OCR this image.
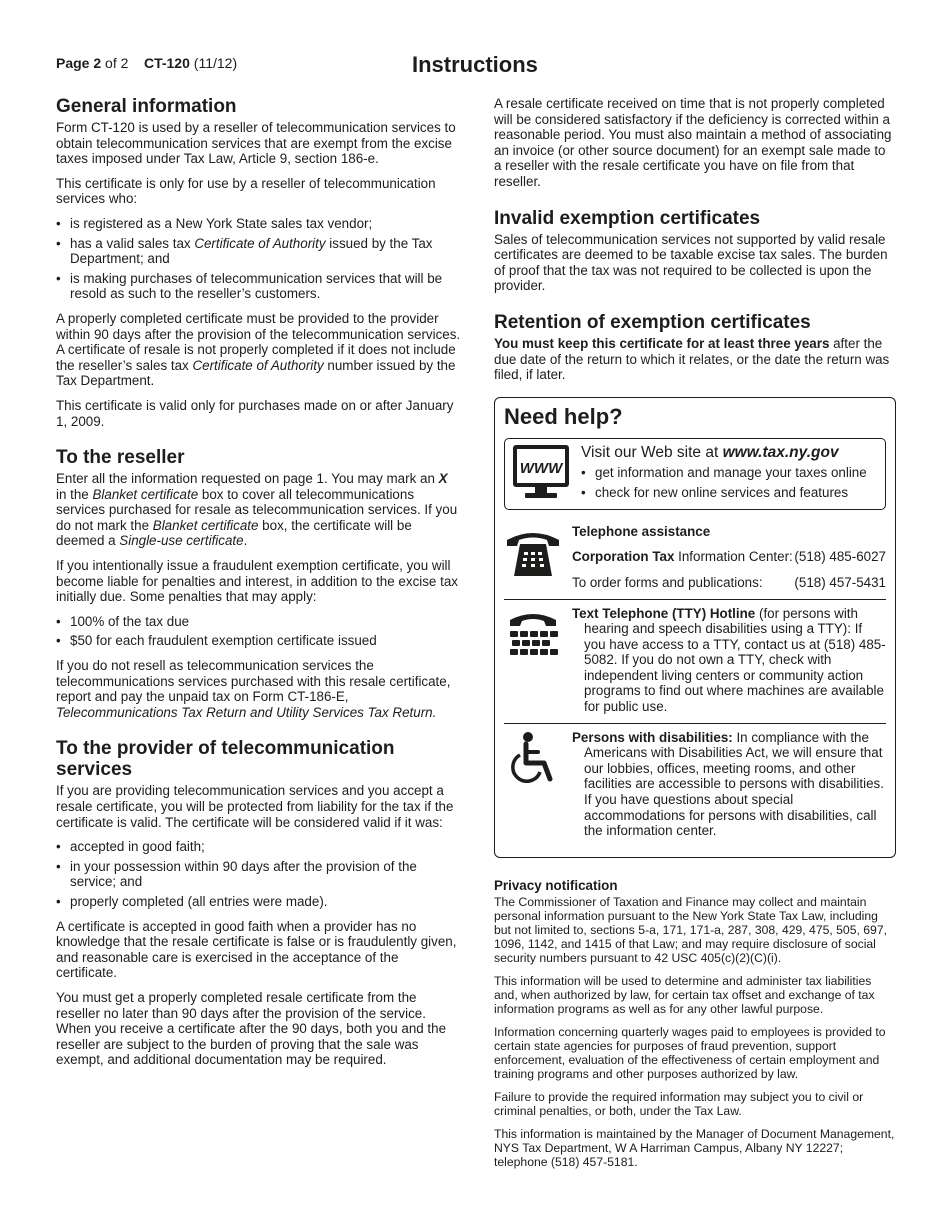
Page 2 of 2 CT-120 (11/12)	Instructions
General information

Form CT-120 is used by a reseller of telecommunication services to obtain telecommunication services that are exempt from the excise taxes imposed under Tax Law, Article 9, section 186-e.

This certificate is only for use by a reseller of telecommunication services who:

• is registered as a New York State sales tax vendor;
• has a valid sales tax Certificate of Authority issued by the Tax Department; and
• is making purchases of telecommunication services that will be resold as such to the reseller’s customers.

A properly completed certificate must be provided to the provider within 90 days after the provision of the telecommunication services. A certificate of resale is not properly completed if it does not include the reseller’s sales tax Certificate of Authority number issued by the Tax Department.

This certificate is valid only for purchases made on or after January 1, 2009.

To the reseller

Enter all the information requested on page 1. You may mark an X in the Blanket certificate box to cover all telecommunications services purchased for resale as telecommunication services. If you do not mark the Blanket certificate box, the certificate will be deemed a Single-use certificate.

If you intentionally issue a fraudulent exemption certificate, you will become liable for penalties and interest, in addition to the excise tax initially due. Some penalties that may apply:

• 100% of the tax due
• $50 for each fraudulent exemption certificate issued

If you do not resell as telecommunication services the telecommunications services purchased with this resale certificate, report and pay the unpaid tax on Form CT-186-E, Telecommunications Tax Return and Utility Services Tax Return.

To the provider of telecommunication services

If you are providing telecommunication services and you accept a resale certificate, you will be protected from liability for the tax if the certificate is valid. The certificate will be considered valid if it was:

• accepted in good faith;
• in your possession within 90 days after the provision of the service; and
• properly completed (all entries were made).

A certificate is accepted in good faith when a provider has no knowledge that the resale certificate is false or is fraudulently given, and reasonable care is exercised in the acceptance of the certificate.

You must get a properly completed resale certificate from the reseller no later than 90 days after the provision of the service. When you receive a certificate after the 90 days, both you and the reseller are subject to the burden of proving that the sale was exempt, and additional documentation may be required.

A resale certificate received on time that is not properly completed will be considered satisfactory if the deficiency is corrected within a reasonable period. You must also maintain a method of associating an invoice (or other source document) for an exempt sale made to a reseller with the resale certificate you have on file from that reseller.

Invalid exemption certificates

Sales of telecommunication services not supported by valid resale certificates are deemed to be taxable excise tax sales. The burden of proof that the tax was not required to be collected is upon the provider.

Retention of exemption certificates

You must keep this certificate for at least three years after the due date of the return to which it relates, or the date the return was filed, if later.

Need help?
WWW
Visit our Web site at www.tax.ny.gov
• get information and manage your taxes online
• check for new online services and features
Telephone assistance
Corporation Tax Information Center: (518) 485-6027
To order forms and publications: (518) 457-5431

Text Telephone (TTY) Hotline (for persons with hearing and speech disabilities using a TTY): If you have access to a TTY, contact us at (518) 485-5082. If you do not own a TTY, check with independent living centers or community action programs to find out where machines are available for public use.

Persons with disabilities: In compliance with the Americans with Disabilities Act, we will ensure that our lobbies, offices, meeting rooms, and other facilities are accessible to persons with disabilities. If you have questions about special accommodations for persons with disabilities, call the information center.

Privacy notification

The Commissioner of Taxation and Finance may collect and maintain personal information pursuant to the New York State Tax Law, including but not limited to, sections 5-a, 171, 171-a, 287, 308, 429, 475, 505, 697, 1096, 1142, and 1415 of that Law; and may require disclosure of social security numbers pursuant to 42 USC 405(c)(2)(C)(i).

This information will be used to determine and administer tax liabilities and, when authorized by law, for certain tax offset and exchange of tax information programs as well as for any other lawful purpose.

Information concerning quarterly wages paid to employees is provided to certain state agencies for purposes of fraud prevention, support enforcement, evaluation of the effectiveness of certain employment and training programs and other purposes authorized by law.

Failure to provide the required information may subject you to civil or criminal penalties, or both, under the Tax Law.

This information is maintained by the Manager of Document Management, NYS Tax Department, W A Harriman Campus, Albany NY 12227; telephone (518) 457-5181.
